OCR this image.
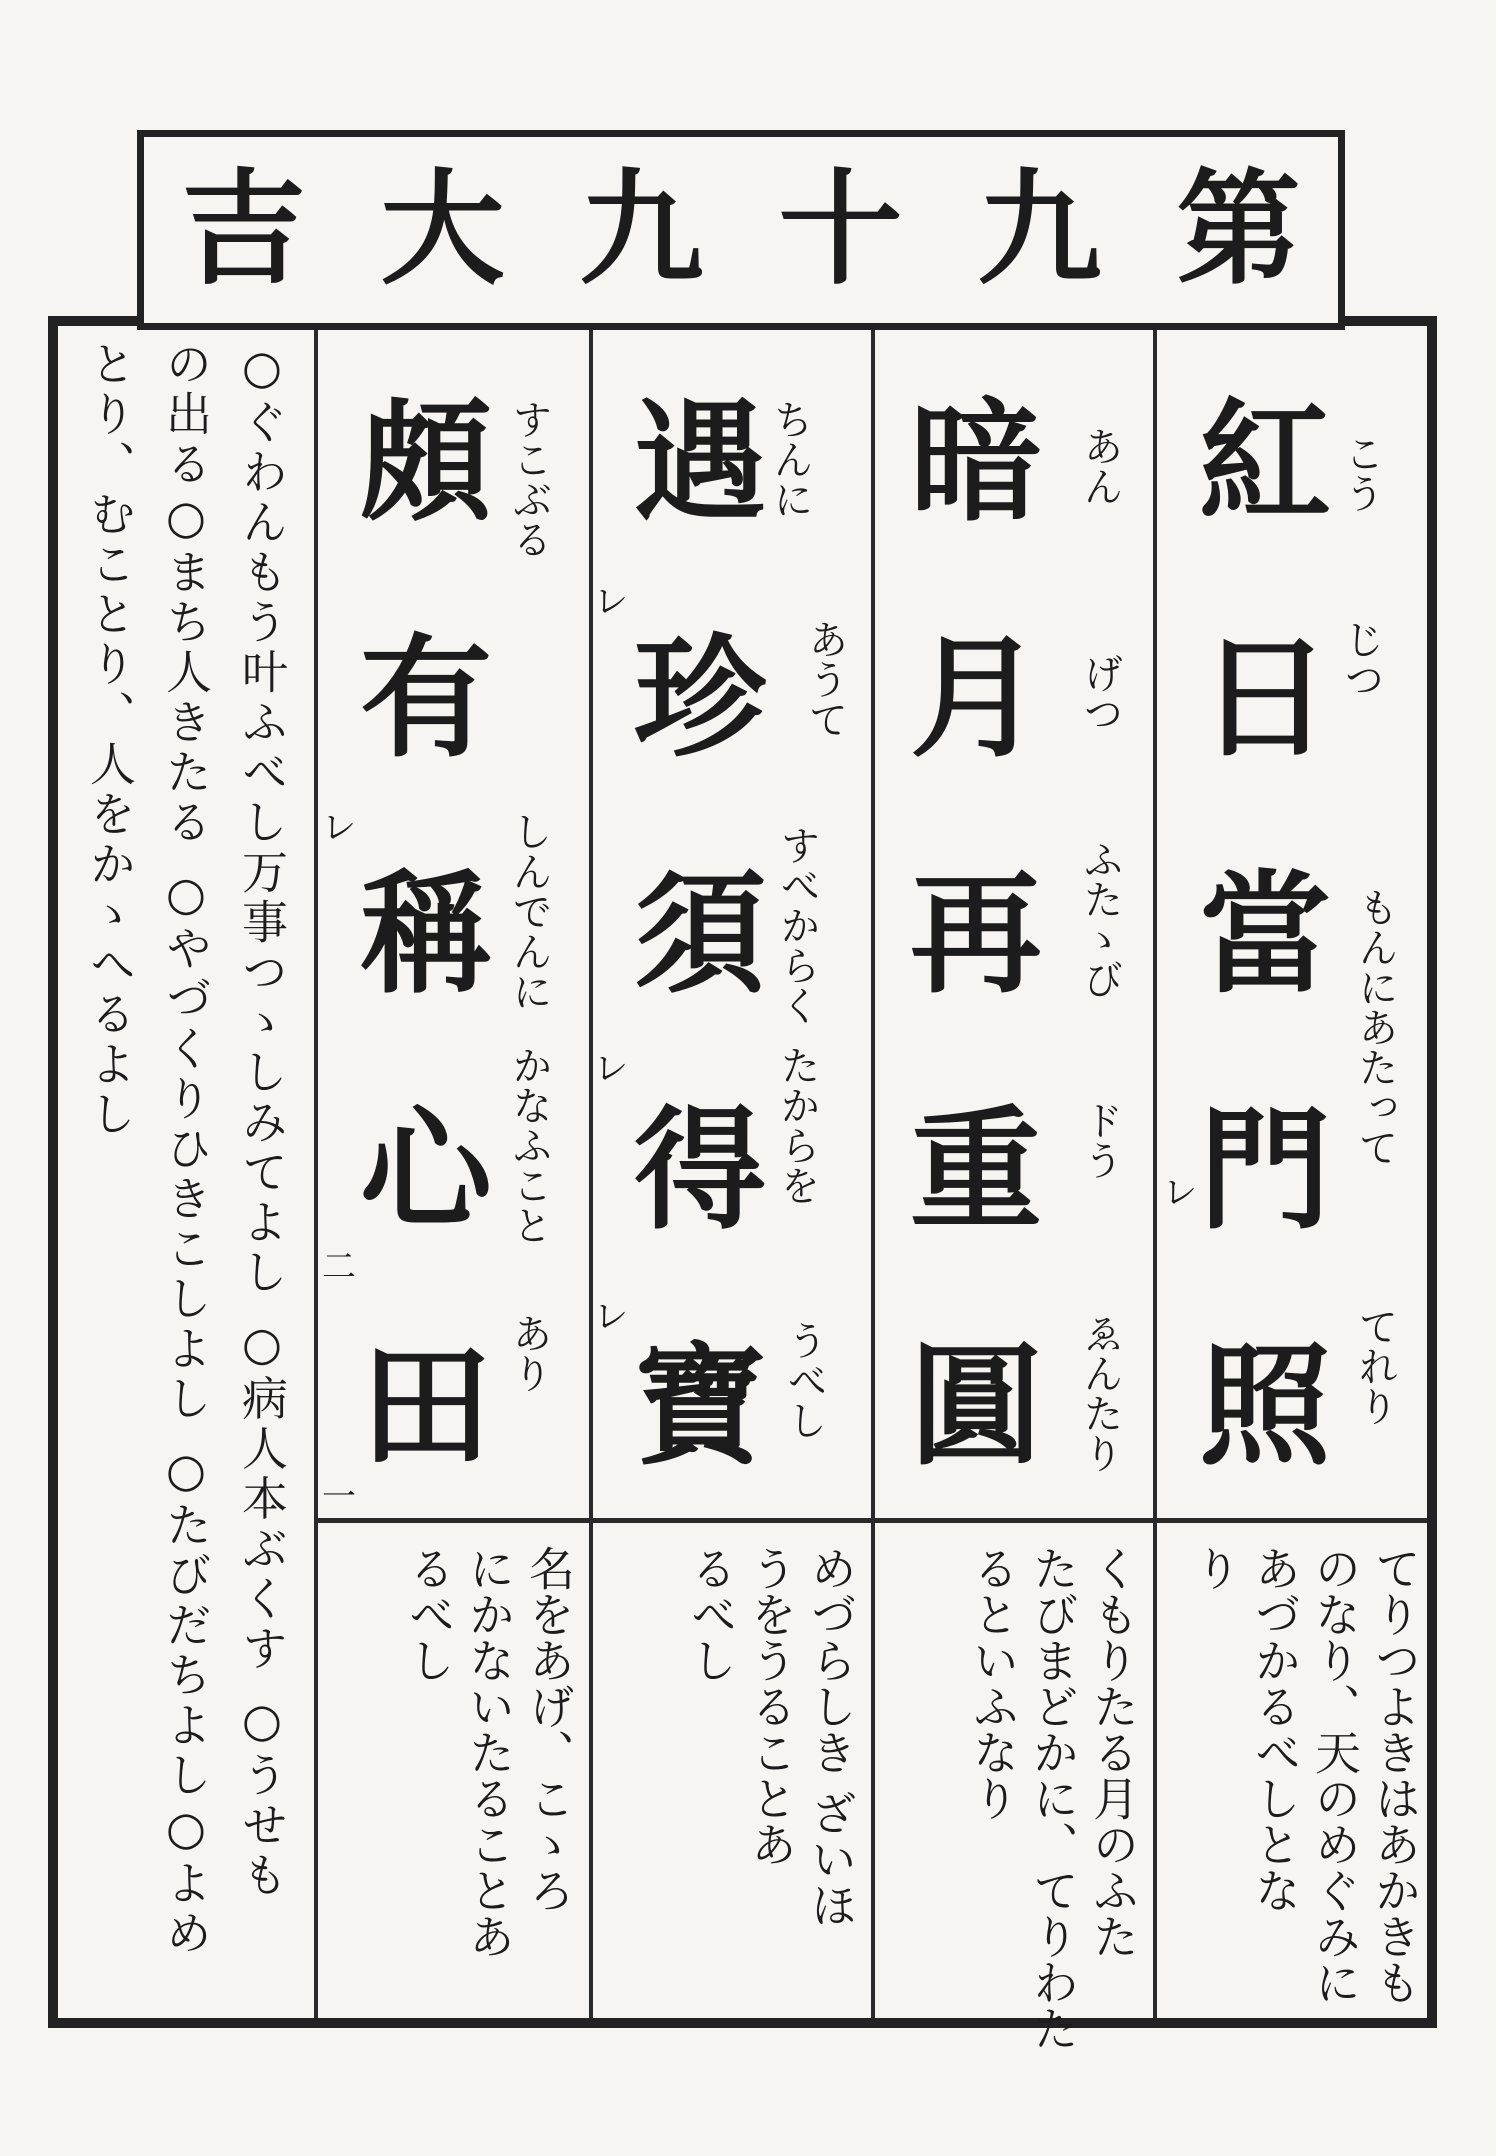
第九十九大吉
○ぐわんもう叶ふべし万事つゝしみてよし ○病人本ぶくす ○うせも
の出る○まち人きたる ○やづくりひきこしよし ○たびだちよし○よめ
とり、むことり、人をかゝへるよし	紅
日
當
門
照
こう
じつ
もんにあたって
てれり
レ
てりつよきはあかきも
のなり、天のめぐみに
あづかるべしとな
り
暗
月
再
重
圓
あん
げつ
ふたゝび
ドう
ゑんたり
くもりたる月のふた
たびまどかに、てりわた
るといふなり
遇
珍
須
得
寶
ちんに
あうて
すべからく
たからを
うべし
レ
レ
レ
めづらしき ざいほ
うをうることあ
るべし
頗
有
稱
心
田
すこぶる
しんでんに
かなふこと
あり
レ
二
一
名をあげ、こゝろ
にかないたることあ
るべし
